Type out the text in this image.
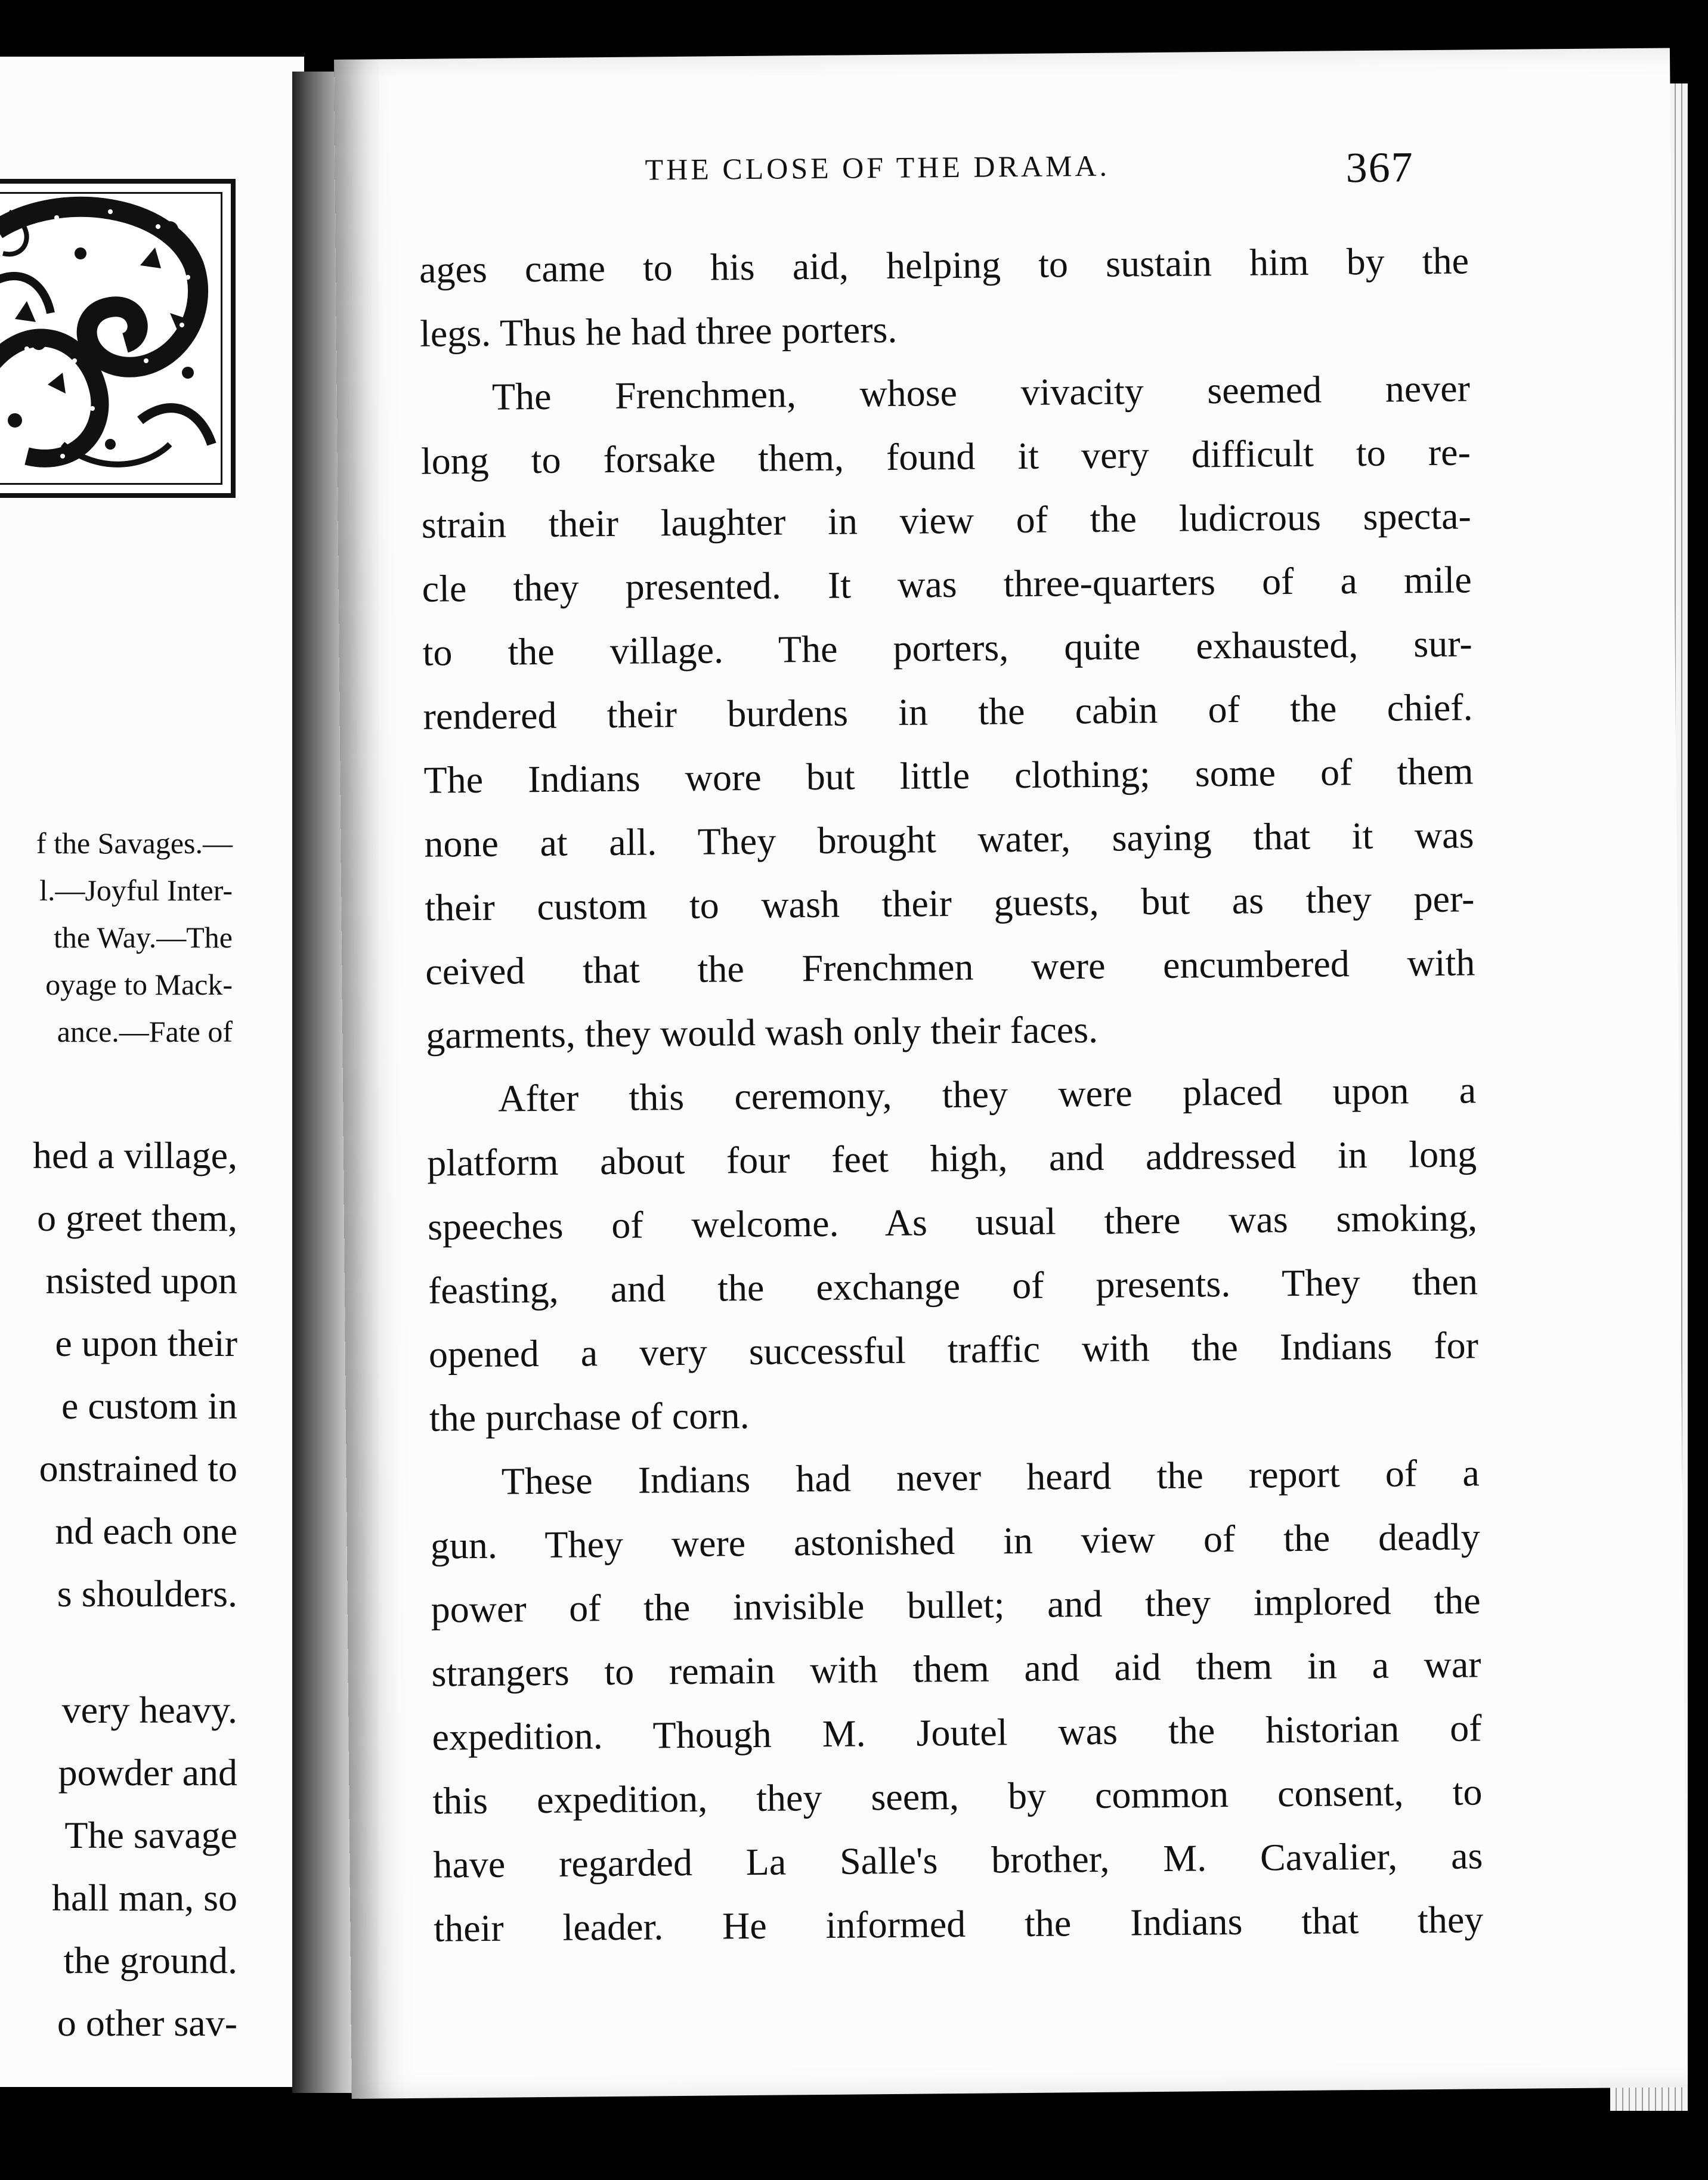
f the Savages.—
l.—Joyful Inter-
the Way.—The
oyage to Mack-
ance.—Fate of
hed a village,
o greet them,
nsisted upon
e upon their
e custom in
onstrained to
nd each one
s shoulders.
very heavy.
powder and
The savage
hall man, so
the ground.
o other sav-
THE CLOSE OF THE DRAMA.	367
ages came to his aid, helping to sustain him by the
legs. Thus he had three porters.
The Frenchmen, whose vivacity seemed never
long to forsake them, found it very difficult to re-
strain their laughter in view of the ludicrous specta-
cle they presented. It was three-quarters of a mile
to the village. The porters, quite exhausted, sur-
rendered their burdens in the cabin of the chief.
The Indians wore but little clothing; some of them
none at all. They brought water, saying that it was
their custom to wash their guests, but as they per-
ceived that the Frenchmen were encumbered with
garments, they would wash only their faces.
After this ceremony, they were placed upon a
platform about four feet high, and addressed in long
speeches of welcome. As usual there was smoking,
feasting, and the exchange of presents. They then
opened a very successful traffic with the Indians for
the purchase of corn.
These Indians had never heard the report of a
gun. They were astonished in view of the deadly
power of the invisible bullet; and they implored the
strangers to remain with them and aid them in a war
expedition. Though M. Joutel was the historian of
this expedition, they seem, by common consent, to
have regarded La Salle's brother, M. Cavalier, as
their leader. He informed the Indians that they
